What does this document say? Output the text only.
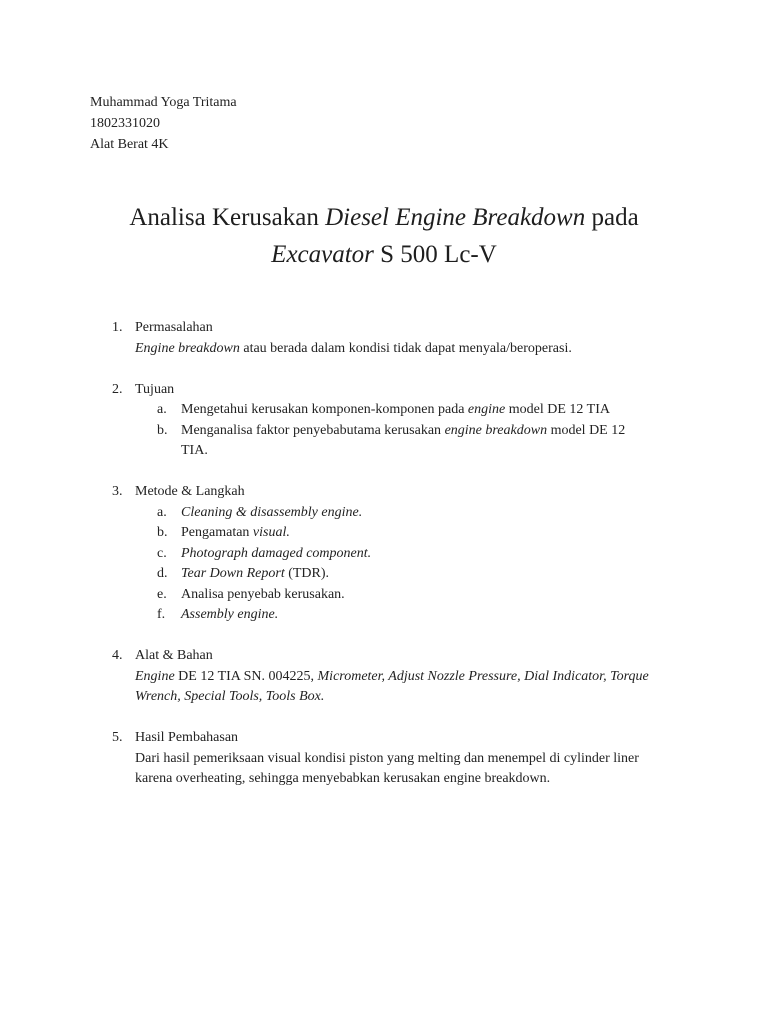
Muhammad Yoga Tritama
1802331020
Alat Berat 4K
Analisa Kerusakan Diesel Engine Breakdown pada
Excavator S 500 Lc-V
1. Permasalahan
Engine breakdown atau berada dalam kondisi tidak dapat menyala/beroperasi.
2. Tujuan
a. Mengetahui kerusakan komponen-komponen pada engine model DE 12 TIA
b. Menganalisa faktor penyebabutama kerusakan engine breakdown model DE 12 TIA.
3. Metode & Langkah
a. Cleaning & disassembly engine.
b. Pengamatan visual.
c. Photograph damaged component.
d. Tear Down Report (TDR).
e. Analisa penyebab kerusakan.
f. Assembly engine.
4. Alat & Bahan
Engine DE 12 TIA SN. 004225, Micrometer, Adjust Nozzle Pressure, Dial Indicator, Torque Wrench, Special Tools, Tools Box.
5. Hasil Pembahasan
Dari hasil pemeriksaan visual kondisi piston yang melting dan menempel di cylinder liner karena overheating, sehingga menyebabkan kerusakan engine breakdown.
